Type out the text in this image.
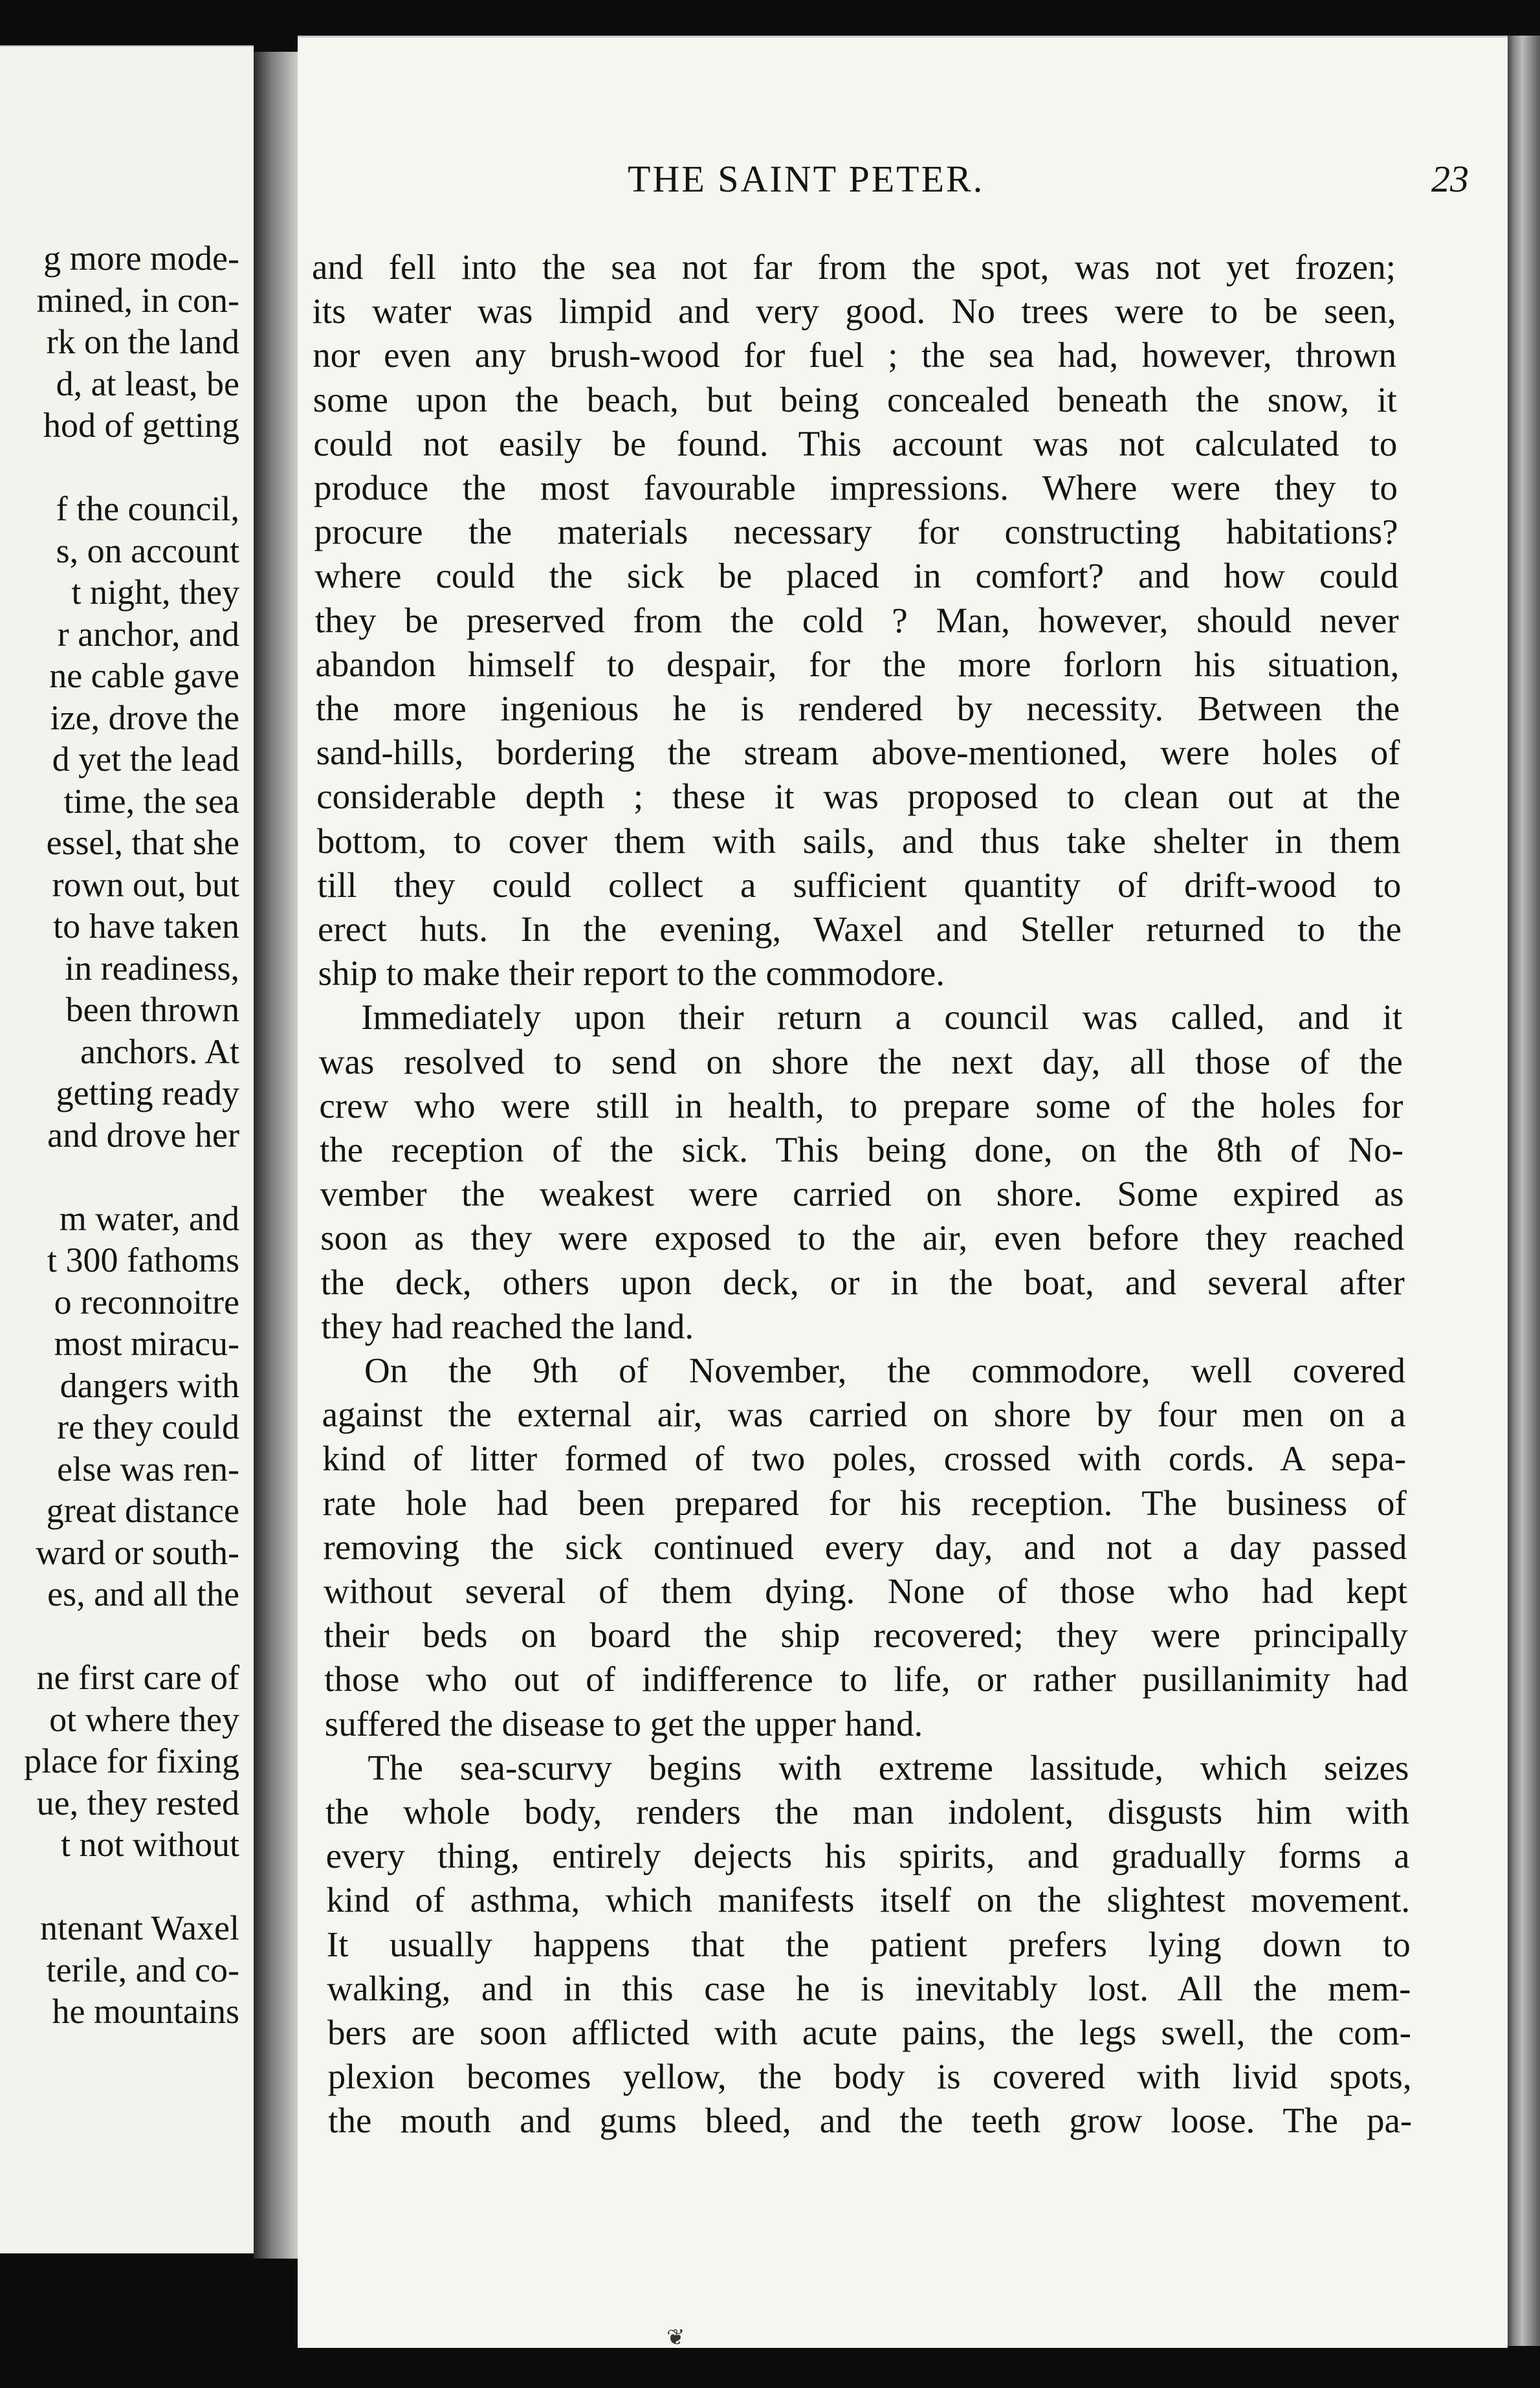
g more mode-
mined, in con-
rk on the land
d, at least, be
hod of getting
f the council,
s, on account
t night, they
r anchor, and
ne cable gave
ize, drove the
d yet the lead
time, the sea
essel, that she
rown out, but
to have taken
in readiness,
been thrown
anchors. At
getting ready
and drove her
m water, and
t 300 fathoms
o reconnoitre
most miracu-
dangers with
re they could
else was ren-
great distance
ward or south-
es, and all the
ne first care of
ot where they
place for fixing
ue, they rested
t not without
ntenant Waxel
terile, and co-
he mountains
THE SAINT PETER.	23
and fell into the sea not far from the spot, was not yet frozen;
its water was limpid and very good. No trees were to be seen,
nor even any brush-wood for fuel ; the sea had, however, thrown
some upon the beach, but being concealed beneath the snow, it
could not easily be found. This account was not calculated to
produce the most favourable impressions. Where were they to
procure the materials necessary for constructing habitations?
where could the sick be placed in comfort? and how could
they be preserved from the cold ? Man, however, should never
abandon himself to despair, for the more forlorn his situation,
the more ingenious he is rendered by necessity. Between the
sand-hills, bordering the stream above-mentioned, were holes of
considerable depth ; these it was proposed to clean out at the
bottom, to cover them with sails, and thus take shelter in them
till they could collect a sufficient quantity of drift-wood to
erect huts. In the evening, Waxel and Steller returned to the
ship to make their report to the commodore.
Immediately upon their return a council was called, and it
was resolved to send on shore the next day, all those of the
crew who were still in health, to prepare some of the holes for
the reception of the sick. This being done, on the 8th of No-
vember the weakest were carried on shore. Some expired as
soon as they were exposed to the air, even before they reached
the deck, others upon deck, or in the boat, and several after
they had reached the land.
On the 9th of November, the commodore, well covered
against the external air, was carried on shore by four men on a
kind of litter formed of two poles, crossed with cords. A sepa-
rate hole had been prepared for his reception. The business of
removing the sick continued every day, and not a day passed
without several of them dying. None of those who had kept
their beds on board the ship recovered; they were principally
those who out of indifference to life, or rather pusillanimity had
suffered the disease to get the upper hand.
The sea-scurvy begins with extreme lassitude, which seizes
the whole body, renders the man indolent, disgusts him with
every thing, entirely dejects his spirits, and gradually forms a
kind of asthma, which manifests itself on the slightest movement.
It usually happens that the patient prefers lying down to
walking, and in this case he is inevitably lost. All the mem-
bers are soon afflicted with acute pains, the legs swell, the com-
plexion becomes yellow, the body is covered with livid spots,
the mouth and gums bleed, and the teeth grow loose. The pa-
❦
